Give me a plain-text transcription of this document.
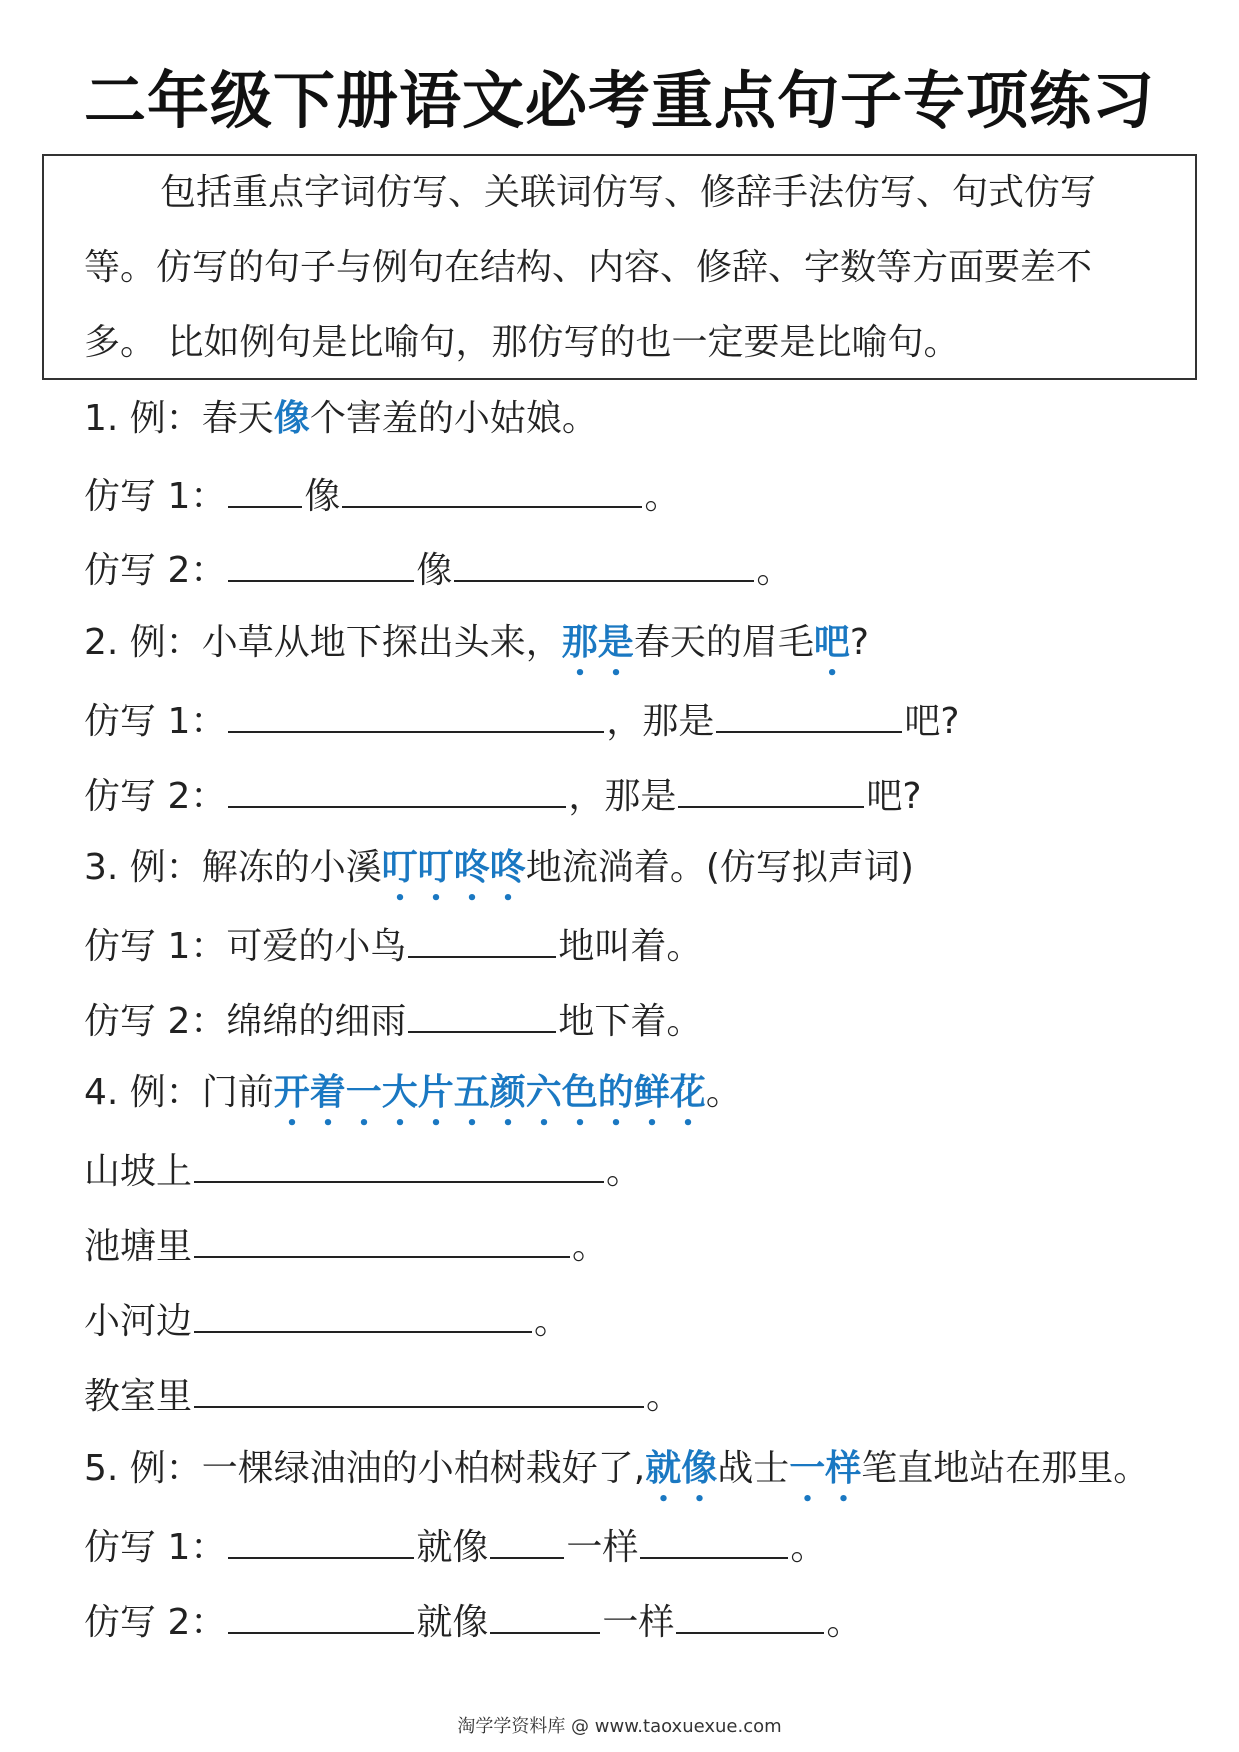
二年级下册语文必考重点句子专项练习
包括重点字词仿写、关联词仿写、修辞手法仿写、句式仿写
等。仿写的句子与例句在结构、内容、修辞、字数等方面要差不
多。 比如例句是比喻句，那仿写的也一定要是比喻句。
1. 例：春天像个害羞的小姑娘。
仿写 1： 像	。
仿写 2：	像	。
2. 例：小草从地下探出头来，那是春天的眉毛吧?
仿写 1：	，那是	吧?
仿写 2：	，那是	吧?
3. 例：解冻的小溪叮叮咚咚地流淌着。(仿写拟声词)
仿写 1：可爱的小鸟	地叫着。
仿写 2：绵绵的细雨	地下着。
4. 例：门前开着一大片五颜六色的鲜花。
山坡上	。
池塘里	。
小河边	。
教室里	。
5. 例：一棵绿油油的小柏树栽好了,就像战士一样笔直地站在那里。
仿写 1：	就像 一样	。
仿写 2：	就像	一样	。
淘学学资料库 @ www.taoxuexue.com
